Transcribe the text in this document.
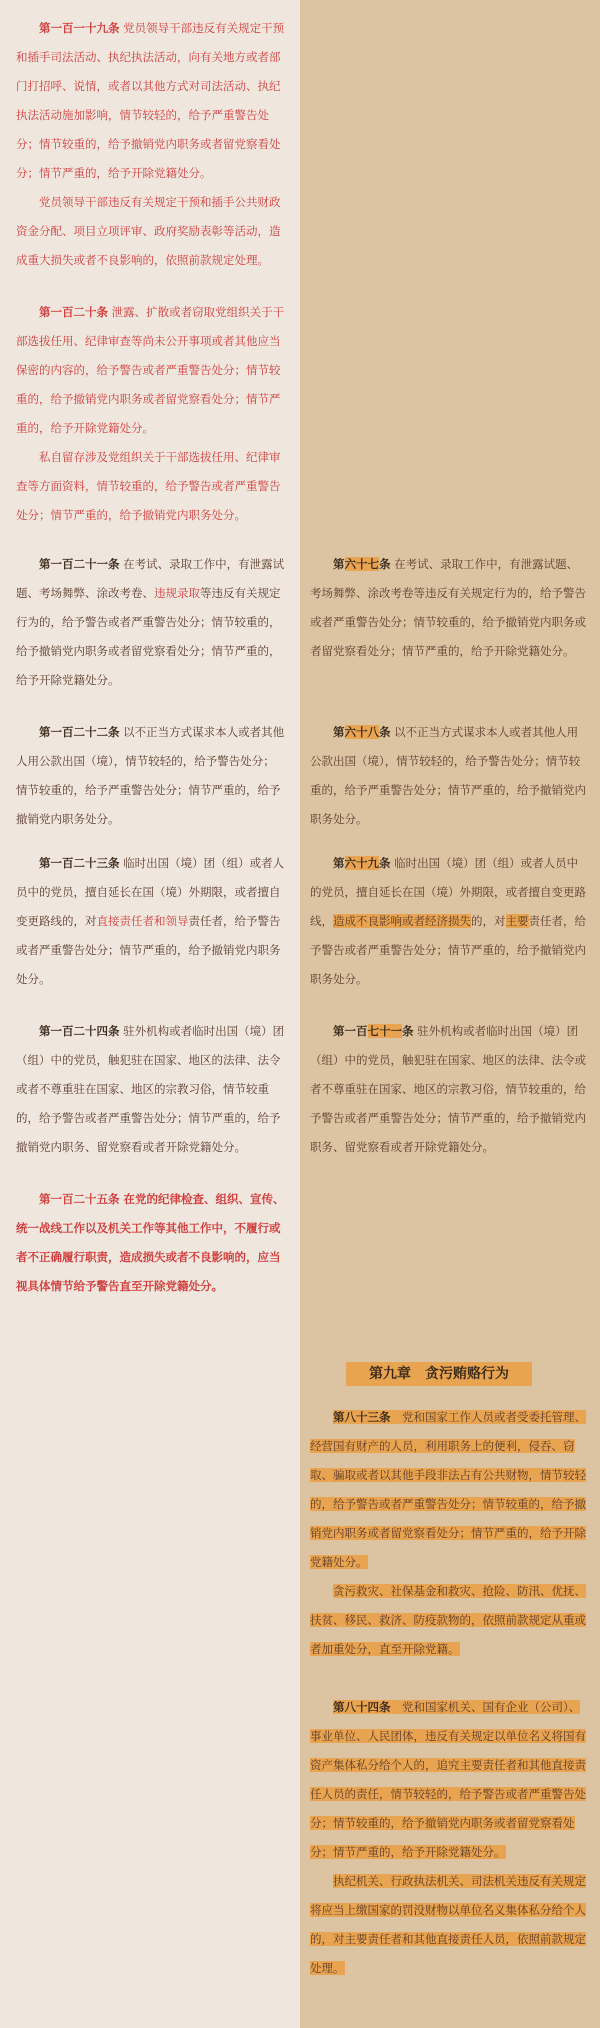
第一百一十九条 党员领导干部违反有关规定干预和插手司法活动、执纪执法活动，向有关地方或者部门打招呼、说情，或者以其他方式对司法活动、执纪执法活动施加影响，情节较轻的，给予严重警告处分；情节较重的，给予撤销党内职务或者留党察看处分；情节严重的，给予开除党籍处分。

党员领导干部违反有关规定干预和插手公共财政资金分配、项目立项评审、政府奖励表彰等活动，造成重大损失或者不良影响的，依照前款规定处理。

第一百二十条 泄露、扩散或者窃取党组织关于干部选拔任用、纪律审查等尚未公开事项或者其他应当保密的内容的，给予警告或者严重警告处分；情节较重的，给予撤销党内职务或者留党察看处分；情节严重的，给予开除党籍处分。

私自留存涉及党组织关于干部选拔任用、纪律审查等方面资料，情节较重的，给予警告或者严重警告处分；情节严重的，给予撤销党内职务处分。

第一百二十一条 在考试、录取工作中，有泄露试题、考场舞弊、涂改考卷、违规录取等违反有关规定行为的，给予警告或者严重警告处分；情节较重的，给予撤销党内职务或者留党察看处分；情节严重的，给予开除党籍处分。

第一百二十二条 以不正当方式谋求本人或者其他人用公款出国（境），情节较轻的，给予警告处分；情节较重的，给予严重警告处分；情节严重的，给予撤销党内职务处分。

第一百二十三条 临时出国（境）团（组）或者人员中的党员，擅自延长在国（境）外期限，或者擅自变更路线的，对直接责任者和领导责任者，给予警告或者严重警告处分；情节严重的，给予撤销党内职务处分。

第一百二十四条 驻外机构或者临时出国（境）团（组）中的党员，触犯驻在国家、地区的法律、法令或者不尊重驻在国家、地区的宗教习俗，情节较重的，给予警告或者严重警告处分；情节严重的，给予撤销党内职务、留党察看或者开除党籍处分。

第一百二十五条 在党的纪律检查、组织、宣传、统一战线工作以及机关工作等其他工作中，不履行或者不正确履行职责，造成损失或者不良影响的，应当视具体情节给予警告直至开除党籍处分。

第六十七条 在考试、录取工作中，有泄露试题、考场舞弊、涂改考卷等违反有关规定行为的，给予警告或者严重警告处分；情节较重的，给予撤销党内职务或者留党察看处分；情节严重的，给予开除党籍处分。

第六十八条 以不正当方式谋求本人或者其他人用公款出国（境），情节较轻的，给予警告处分；情节较重的，给予严重警告处分；情节严重的，给予撤销党内职务处分。

第六十九条 临时出国（境）团（组）或者人员中的党员，擅自延长在国（境）外期限，或者擅自变更路线，造成不良影响或者经济损失的，对主要责任者，给予警告或者严重警告处分；情节严重的，给予撤销党内职务处分。

第一百七十一条 驻外机构或者临时出国（境）团（组）中的党员，触犯驻在国家、地区的法律、法令或者不尊重驻在国家、地区的宗教习俗，情节较重的，给予警告或者严重警告处分；情节严重的，给予撤销党内职务、留党察看或者开除党籍处分。

第九章　贪污贿赂行为

第八十三条　 党和国家工作人员或者受委托管理、经营国有财产的人员，利用职务上的便利，侵吞、窃取、骗取或者以其他手段非法占有公共财物，情节较轻的，给予警告或者严重警告处分；情节较重的，给予撤销党内职务或者留党察看处分；情节严重的，给予开除党籍处分。

贪污救灾、社保基金和救灾、抢险、防汛、优抚、扶贫、移民、救济、防疫款物的，依照前款规定从重或者加重处分，直至开除党籍。

第八十四条　 党和国家机关、国有企业（公司）、事业单位、人民团体，违反有关规定以单位名义将国有资产集体私分给个人的，追究主要责任者和其他直接责任人员的责任，情节较轻的，给予警告或者严重警告处分；情节较重的，给予撤销党内职务或者留党察看处分；情节严重的，给予开除党籍处分。

执纪机关、行政执法机关、司法机关违反有关规定将应当上缴国家的罚没财物以单位名义集体私分给个人的，对主要责任者和其他直接责任人员，依照前款规定处理。
